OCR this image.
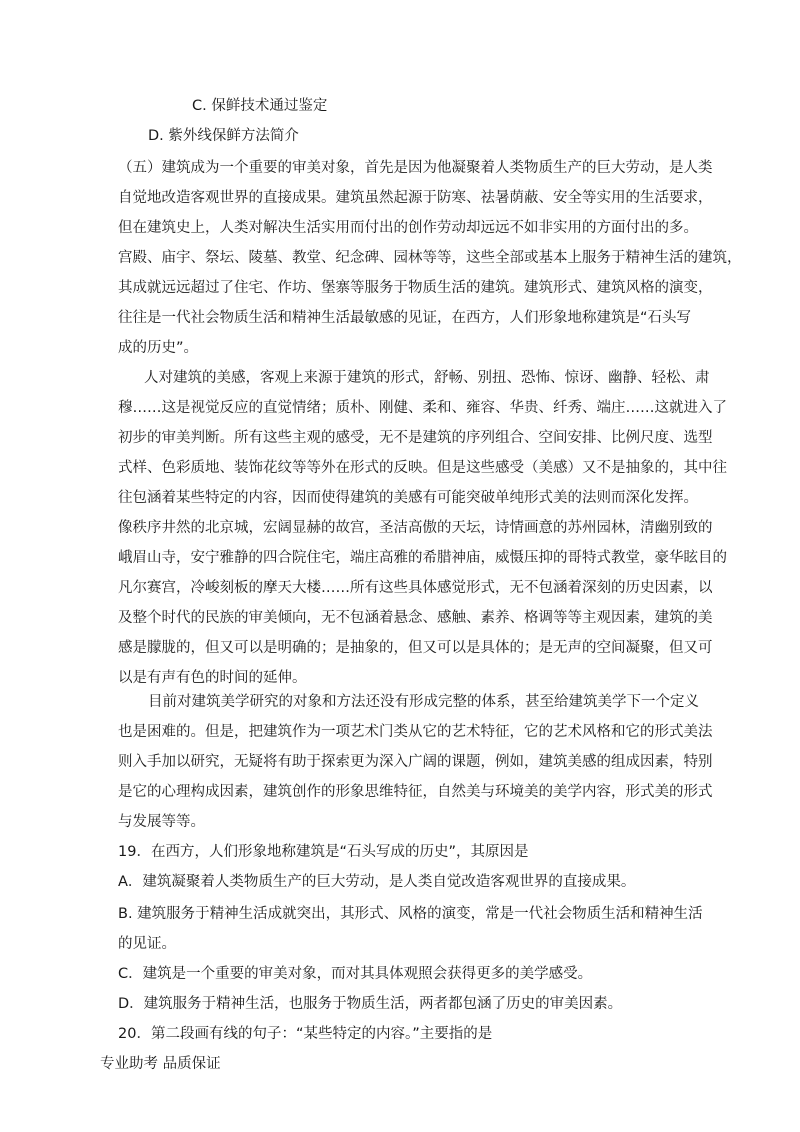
C. 保鲜技术通过鉴定
D. 紫外线保鲜方法简介
（五）建筑成为一个重要的审美对象，首先是因为他凝聚着人类物质生产的巨大劳动，是人类
自觉地改造客观世界的直接成果。建筑虽然起源于防寒、祛暑荫蔽、安全等实用的生活要求，
但在建筑史上，人类对解决生活实用而付出的创作劳动却远远不如非实用的方面付出的多。
宫殿、庙宇、祭坛、陵墓、教堂、纪念碑、园林等等，这些全部或基本上服务于精神生活的建筑，
其成就远远超过了住宅、作坊、堡寨等服务于物质生活的建筑。建筑形式、建筑风格的演变，
往往是一代社会物质生活和精神生活最敏感的见证，在西方，人们形象地称建筑是“石头写
成的历史”。
人对建筑的美感，客观上来源于建筑的形式，舒畅、别扭、恐怖、惊讶、幽静、轻松、肃
穆……这是视觉反应的直觉情绪；质朴、刚健、柔和、雍容、华贵、纤秀、端庄……这就进入了
初步的审美判断。所有这些主观的感受，无不是建筑的序列组合、空间安排、比例尺度、选型
式样、色彩质地、装饰花纹等等外在形式的反映。但是这些感受（美感）又不是抽象的，其中往
往包涵着某些特定的内容，因而使得建筑的美感有可能突破单纯形式美的法则而深化发挥。
像秩序井然的北京城，宏阔显赫的故宫，圣洁高傲的天坛，诗情画意的苏州园林，清幽别致的
峨眉山寺，安宁雅静的四合院住宅，端庄高雅的希腊神庙，威慑压抑的哥特式教堂，豪华眩目的
凡尔赛宫，冷峻刻板的摩天大楼……所有这些具体感觉形式，无不包涵着深刻的历史因素，以
及整个时代的民族的审美倾向，无不包涵着悬念、感触、素养、格调等等主观因素，建筑的美
感是朦胧的，但又可以是明确的；是抽象的，但又可以是具体的；是无声的空间凝聚，但又可
以是有声有色的时间的延伸。
目前对建筑美学研究的对象和方法还没有形成完整的体系，甚至给建筑美学下一个定义
也是困难的。但是，把建筑作为一项艺术门类从它的艺术特征，它的艺术风格和它的形式美法
则入手加以研究，无疑将有助于探索更为深入广阔的课题，例如，建筑美感的组成因素，特别
是它的心理构成因素，建筑创作的形象思维特征，自然美与环境美的美学内容，形式美的形式
与发展等等。
19．在西方，人们形象地称建筑是“石头写成的历史”，其原因是
A．建筑凝聚着人类物质生产的巨大劳动，是人类自觉改造客观世界的直接成果。
B. 建筑服务于精神生活成就突出，其形式、风格的演变，常是一代社会物质生活和精神生活
的见证。
C．建筑是一个重要的审美对象，而对其具体观照会获得更多的美学感受。
D．建筑服务于精神生活，也服务于物质生活，两者都包涵了历史的审美因素。
20．第二段画有线的句子：“某些特定的内容。”主要指的是
专业助考 品质保证
